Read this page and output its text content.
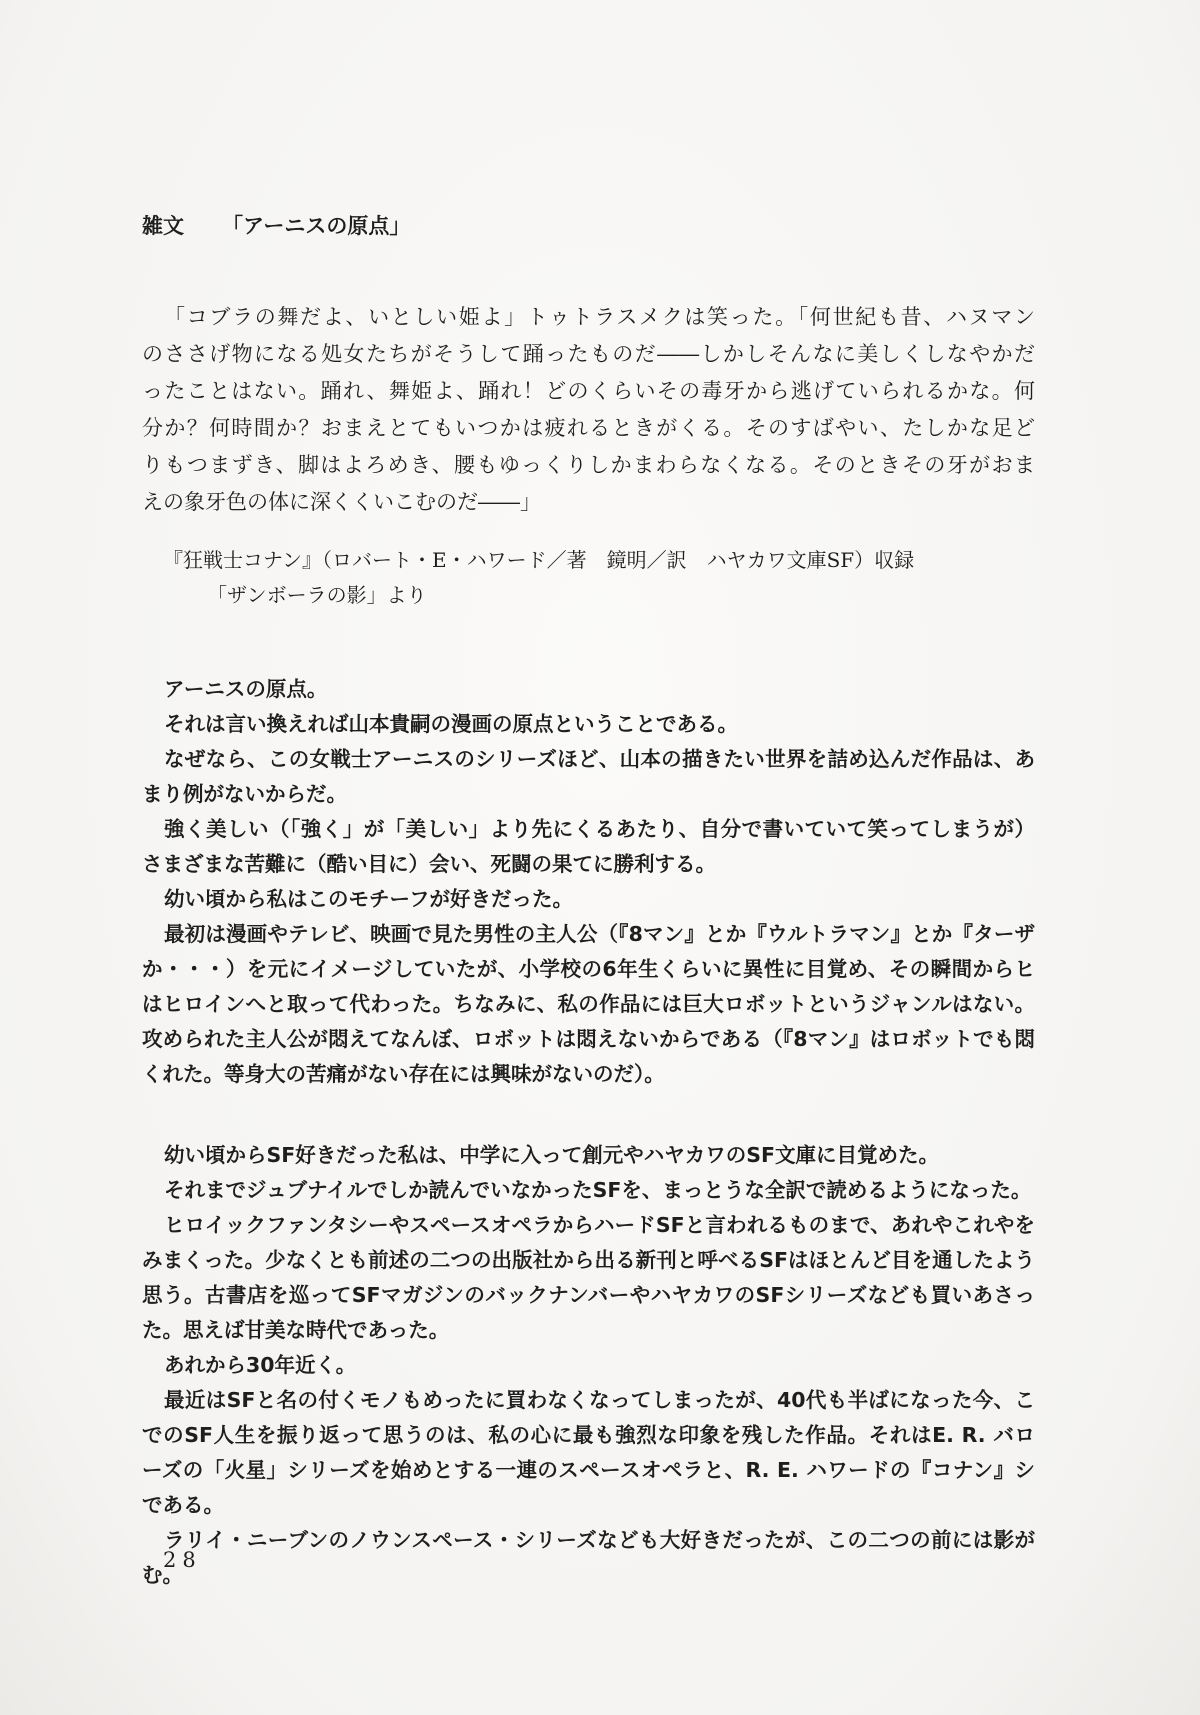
雑文 「アーニスの原点」
「コブラの舞だよ、いとしい姫よ」トゥトラスメクは笑った。「何世紀も昔、ハヌマン
のささげ物になる処女たちがそうして踊ったものだ――しかしそんなに美しくしなやかだ
ったことはない。踊れ、舞姫よ、踊れ！どのくらいその毒牙から逃げていられるかな。何
分か？何時間か？おまえとてもいつかは疲れるときがくる。そのすばやい、たしかな足ど
りもつまずき、脚はよろめき、腰もゆっくりしかまわらなくなる。そのときその牙がおま
えの象牙色の体に深くくいこむのだ――」
『狂戦士コナン』（ロバート・E・ハワード／著　鏡明／訳　ハヤカワ文庫SF）収録
「ザンボーラの影」より
アーニスの原点。
それは言い換えれば山本貴嗣の漫画の原点ということである。
なぜなら、この女戦士アーニスのシリーズほど、山本の描きたい世界を詰め込んだ作品は、あ
まり例がないからだ。
強く美しい（「強く」が「美しい」より先にくるあたり、自分で書いていて笑ってしまうが）
さまざまな苦難に（酷い目に）会い、死闘の果てに勝利する。
幼い頃から私はこのモチーフが好きだった。
最初は漫画やテレビ、映画で見た男性の主人公（『8マン』とか『ウルトラマン』とか『ターザ
か・・・）を元にイメージしていたが、小学校の6年生くらいに異性に目覚め、その瞬間からヒ
はヒロインへと取って代わった。ちなみに、私の作品には巨大ロボットというジャンルはない。
攻められた主人公が悶えてなんぼ、ロボットは悶えないからである（『8マン』はロボットでも悶
くれた。等身大の苦痛がない存在には興味がないのだ）。
幼い頃からSF好きだった私は、中学に入って創元やハヤカワのSF文庫に目覚めた。
それまでジュブナイルでしか読んでいなかったSFを、まっとうな全訳で読めるようになった。
ヒロイックファンタシーやスペースオペラからハードSFと言われるものまで、あれやこれやを
みまくった。少なくとも前述の二つの出版社から出る新刊と呼べるSFはほとんど目を通したよう
思う。古書店を巡ってSFマガジンのバックナンバーやハヤカワのSFシリーズなども買いあさっ
た。思えば甘美な時代であった。
あれから30年近く。
最近はSFと名の付くモノもめったに買わなくなってしまったが、40代も半ばになった今、こ
でのSF人生を振り返って思うのは、私の心に最も強烈な印象を残した作品。それはE. R. バロ
ーズの「火星」シリーズを始めとする一連のスペースオペラと、R. E. ハワードの『コナン』シ
である。
ラリイ・ニーブンのノウンスペース・シリーズなども大好きだったが、この二つの前には影が
む。
28
